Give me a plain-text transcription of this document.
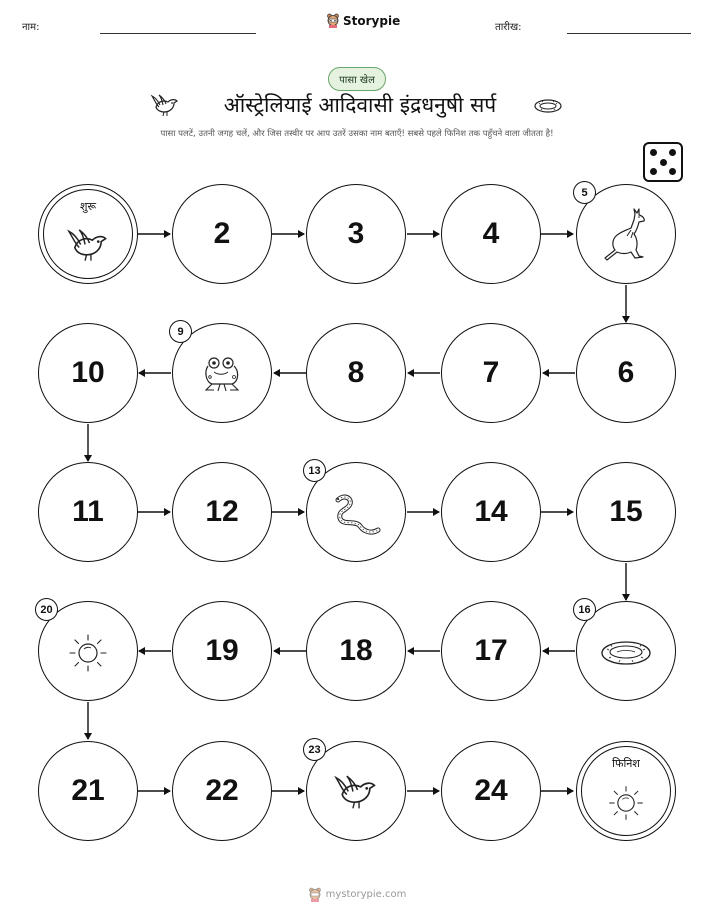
नाम:	Storypie	तारीख:
पासा खेल
ऑस्ट्रेलियाई आदिवासी इंद्रधनुषी सर्प
पासा पलटें, उतनी जगह चलें, और जिस तस्वीर पर आप उतरें उसका नाम बताएँ! सबसे पहले फिनिश तक पहुँचने वाला जीतता है!
शुरू
2	3	4
5
10
9
8	7	6
11	12
13
14	15
20
19	18	17
16
21	22
23
24
फिनिश
mystorypie.com
